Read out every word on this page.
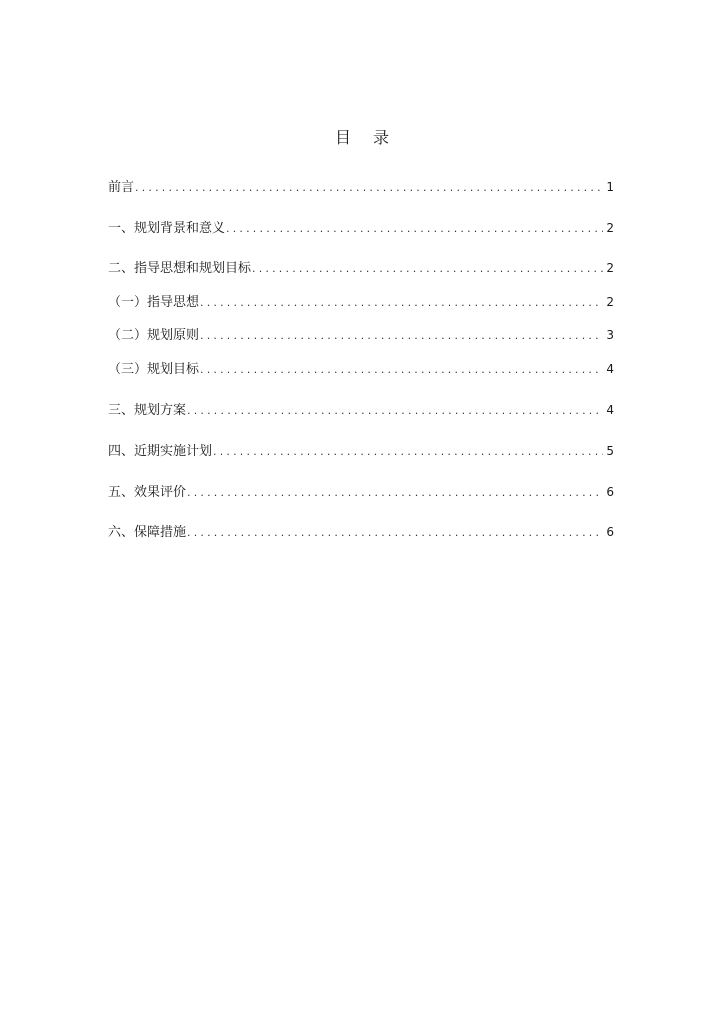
目 录
前言 .....	1
一、规划背景和意义 .....	2
二、指导思想和规划目标 .....	2
（一）指导思想 .....	2
（二）规划原则 .....	3
（三）规划目标 .....	4
三、规划方案 .....	4
四、近期实施计划 .....	5
五、效果评价 .....	6
六、保障措施 .....	6
